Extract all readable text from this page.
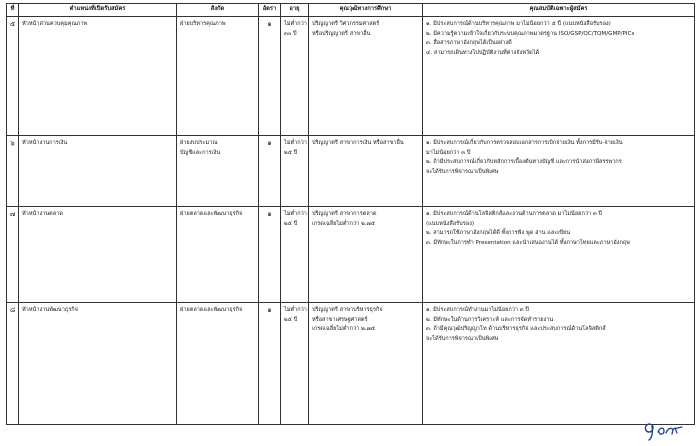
ที่	ตำแหน่งที่เปิดรับสมัคร	สังกัด	อัตรา	อายุ	คุณวุฒิทางการศึกษา	คุณสมบัติเฉพาะผู้สมัคร
๕	หัวหน้าส่วนควบคุมคุณภาพ	ฝ่ายบริหารคุณภาพ	๑	ไม่ต่ำกว่า
๓๐ ปี	ปริญญาตรี วิศวกรรมศาสตร์
หรือปริญญาตรี สาขาอื่น	๑. มีประสบการณ์ด้านบริหารคุณภาพ มาไม่น้อยกว่า ๕ ปี (แนบหนังสือรับรอง)
๒. มีความรู้ความเข้าใจเกี่ยวกับระบบคุณภาพมาตรฐาน ISO/GSP/QC/TQM/GMP/PICs
๓. สื่อสารภาษาอังกฤษได้เป็นอย่างดี
๔. สามารถเดินทางไปปฏิบัติงานที่ต่างจังหวัดได้

๖	หัวหน้างานการเงิน	ฝ่ายงบประมาณ
บัญชีและการเงิน	๑	ไม่ต่ำกว่า
๒๕ ปี	ปริญญาตรี สาขาการเงิน หรือสาขาอื่น	๑. มีประสบการณ์เกี่ยวกับการตรวจสอบเอกสารการเบิกจ่ายเงิน ทั้งการมีรับ-จ่ายเงิน
มาไม่น้อยกว่า ๓ ปี
๒. ถ้ามีประสบการณ์เกี่ยวกับหลักการเบื้องต้นทางบัญชี และการนำส่งภาษีสรรพากร
จะได้รับการพิจารณาเป็นพิเศษ

๗	หัวหน้างานตลาด	ฝ่ายตลาดและพัฒนาธุรกิจ	๑	ไม่ต่ำกว่า
๒๕ ปี	ปริญญาตรี สาขาการตลาด
เกรดเฉลี่ยไม่ต่ำกว่า ๒.๗๕	๑. มีประสบการณ์ด้านโลจิสติกส์และงานด้านการตลาด มาไม่น้อยกว่า ๓ ปี
(แนบหนังสือรับรอง)
๒. สามารถใช้ภาษาอังกฤษได้ดี ทั้งการฟัง พูด อ่าน และเขียน
๓. มีทักษะในการทำ Presentation และนำเสนองานได้ ทั้งภาษาไทยและภาษาอังกฤษ

๘	หัวหน้างานพัฒนาธุรกิจ	ฝ่ายตลาดและพัฒนาธุรกิจ	๑	ไม่ต่ำกว่า
๒๕ ปี	ปริญญาตรี สาขาบริหารธุรกิจ
หรือสาขาเศรษฐศาสตร์
เกรดเฉลี่ยไม่ต่ำกว่า ๒.๗๕	๑. มีประสบการณ์ทำงานมาไม่น้อยกว่า ๓ ปี
๒. มีทักษะในด้านการวิเคราะห์ และการจัดทำรายงาน
๓. ถ้ามีคุณวุฒิปริญญาโท ด้านบริหารธุรกิจ และประสบการณ์ด้านโลจิสติกส์
จะได้รับการพิจารณาเป็นพิเศษ
